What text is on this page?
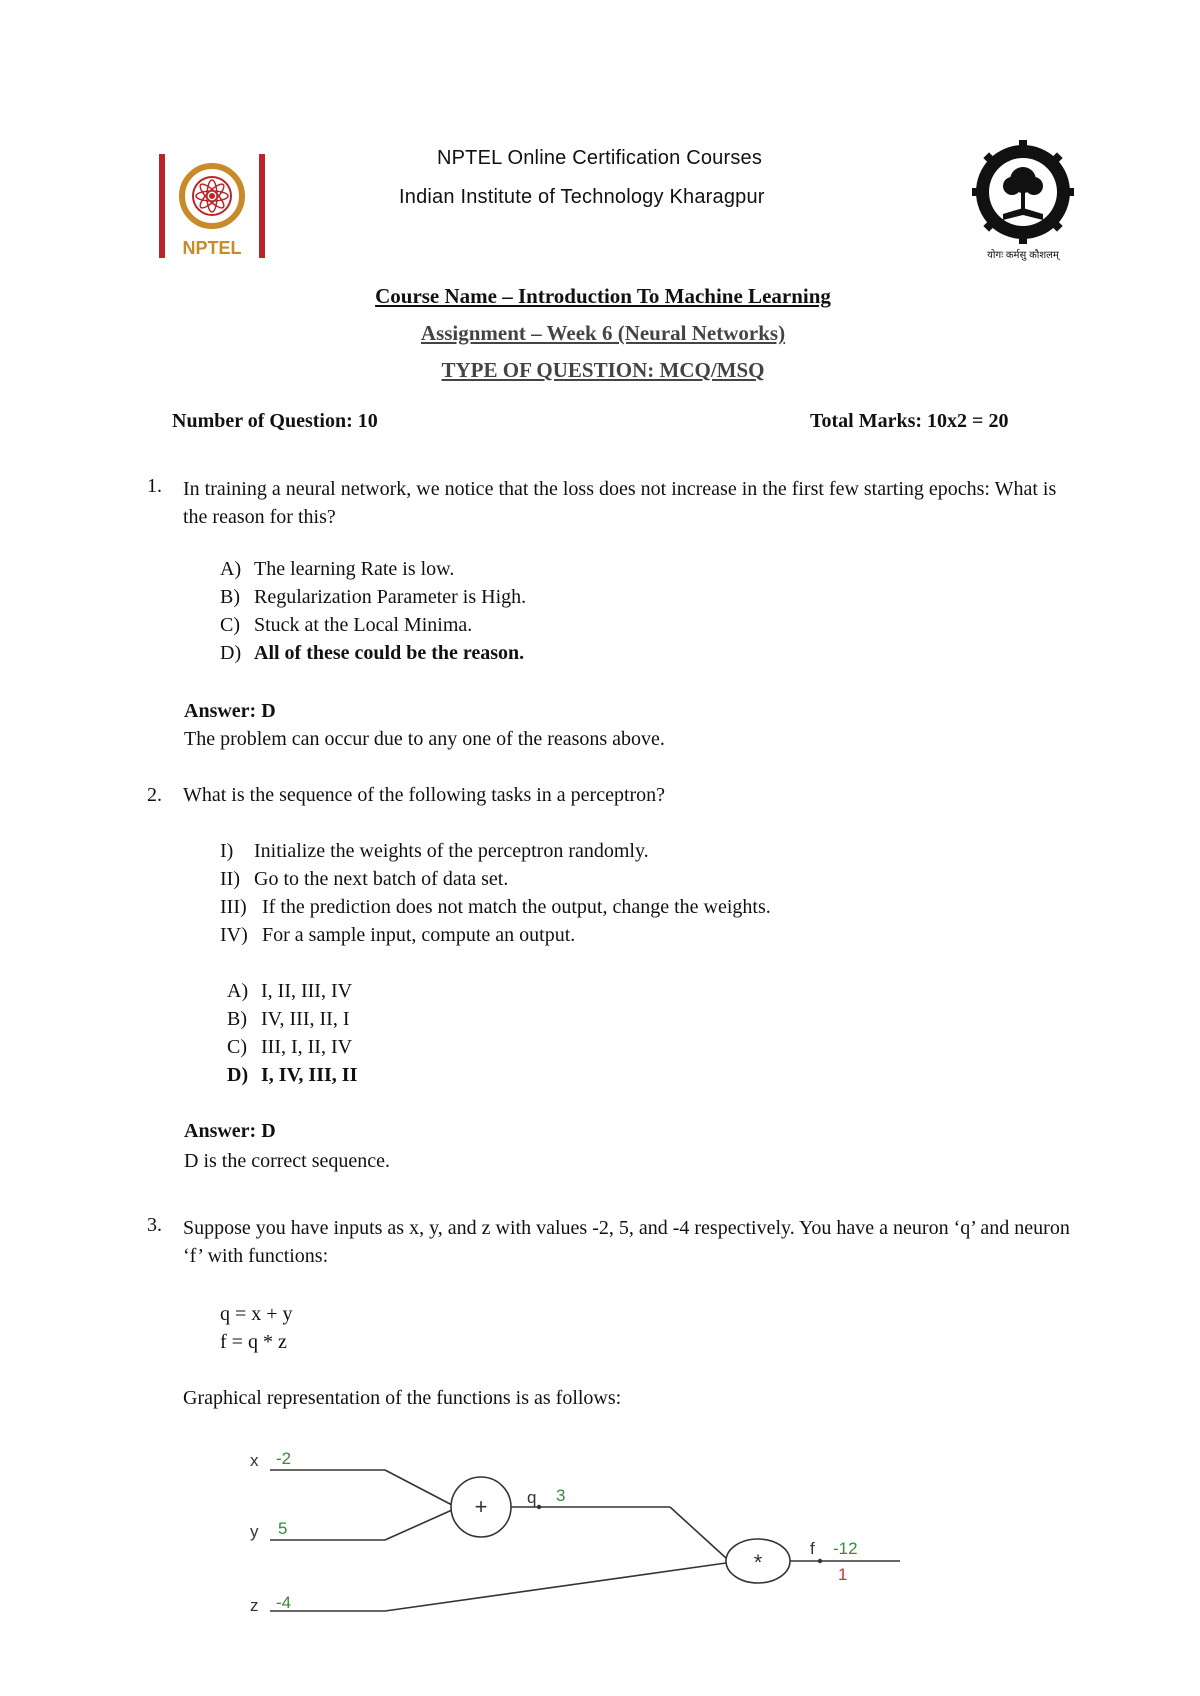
NPTEL	योगः कर्मसु कौशलम्
NPTEL Online Certification Courses
Indian Institute of Technology Kharagpur
Course Name – Introduction To Machine Learning
Assignment – Week 6 (Neural Networks)
TYPE OF QUESTION: MCQ/MSQ
Number of Question: 10	Total Marks: 10x2 = 20
1.	In training a neural network, we notice that the loss does not increase in the first few starting epochs: What is the reason for this?
A) The learning Rate is low.
B) Regularization Parameter is High.
C) Stuck at the Local Minima.
D) All of these could be the reason.
Answer: D
The problem can occur due to any one of the reasons above.
2.	What is the sequence of the following tasks in a perceptron?
I) Initialize the weights of the perceptron randomly.
II) Go to the next batch of data set.
III) If the prediction does not match the output, change the weights.
IV) For a sample input, compute an output.
A) I, II, III, IV
B) IV, III, II, I
C) III, I, II, IV
D) I, IV, III, II
Answer: D
D is the correct sequence.
3.	Suppose you have inputs as x, y, and z with values -2, 5, and -4 respectively. You have a neuron ‘q’ and neuron ‘f’ with functions:
q = x + y
f = q * z
Graphical representation of the functions is as follows:
x -2
y 5
z -4
+ q 3
*
f -12
1
